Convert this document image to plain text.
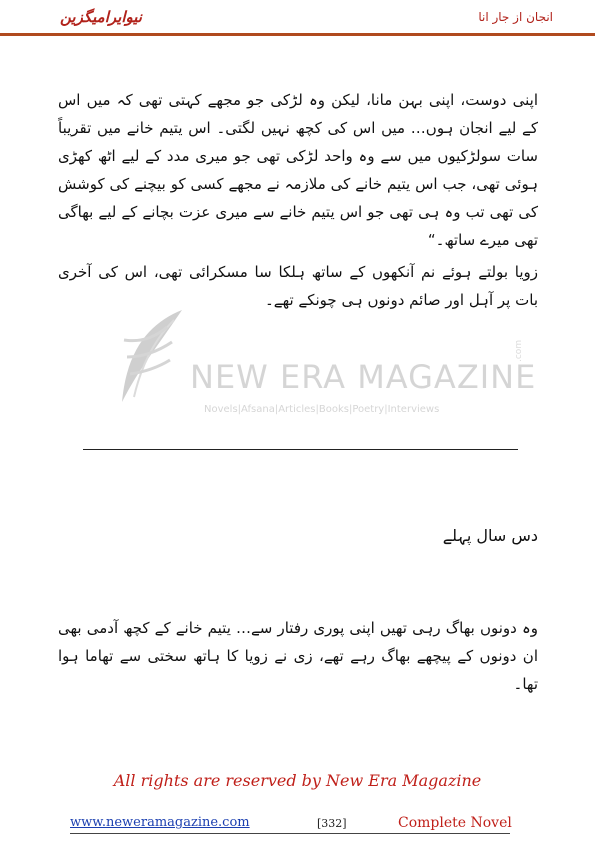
انجان از جار انا
نیوایرامیگزین
اپنی دوست، اپنی بہن مانا، لیکن وہ لڑکی جو مجھے کہتی تھی کہ میں اس کے لیے انجان ہوں… میں اس کی کچھ نہیں لگتی۔ اس یتیم خانے میں تقریباً سات سولڑکیوں میں سے وہ واحد لڑکی تھی جو میری مدد کے لیے اٹھ کھڑی ہوئی تھی، جب اس یتیم خانے کی ملازمہ نے مجھے کسی کو بیچنے کی کوشش کی تھی تب وہ ہی تھی جو اس یتیم خانے سے میری عزت بچانے کے لیے بھاگی تھی میرے ساتھ۔“
زویا بولتے ہوئے نم آنکھوں کے ساتھ ہلکا سا مسکرائی تھی، اس کی آخری بات پر آہل اور صائم دونوں ہی چونکے تھے۔
NEW ERA MAGAZINE
.com
Novels|Afsana|Articles|Books|Poetry|Interviews
دس سال پہلے
وہ دونوں بھاگ رہی تھیں اپنی پوری رفتار سے… یتیم خانے کے کچھ آدمی بھی ان دونوں کے پیچھے بھاگ رہے تھے، زی نے زویا کا ہاتھ سختی سے تھاما ہوا تھا۔
All rights are reserved by New Era Magazine
www.neweramagazine.com	[332]	Complete Novel
